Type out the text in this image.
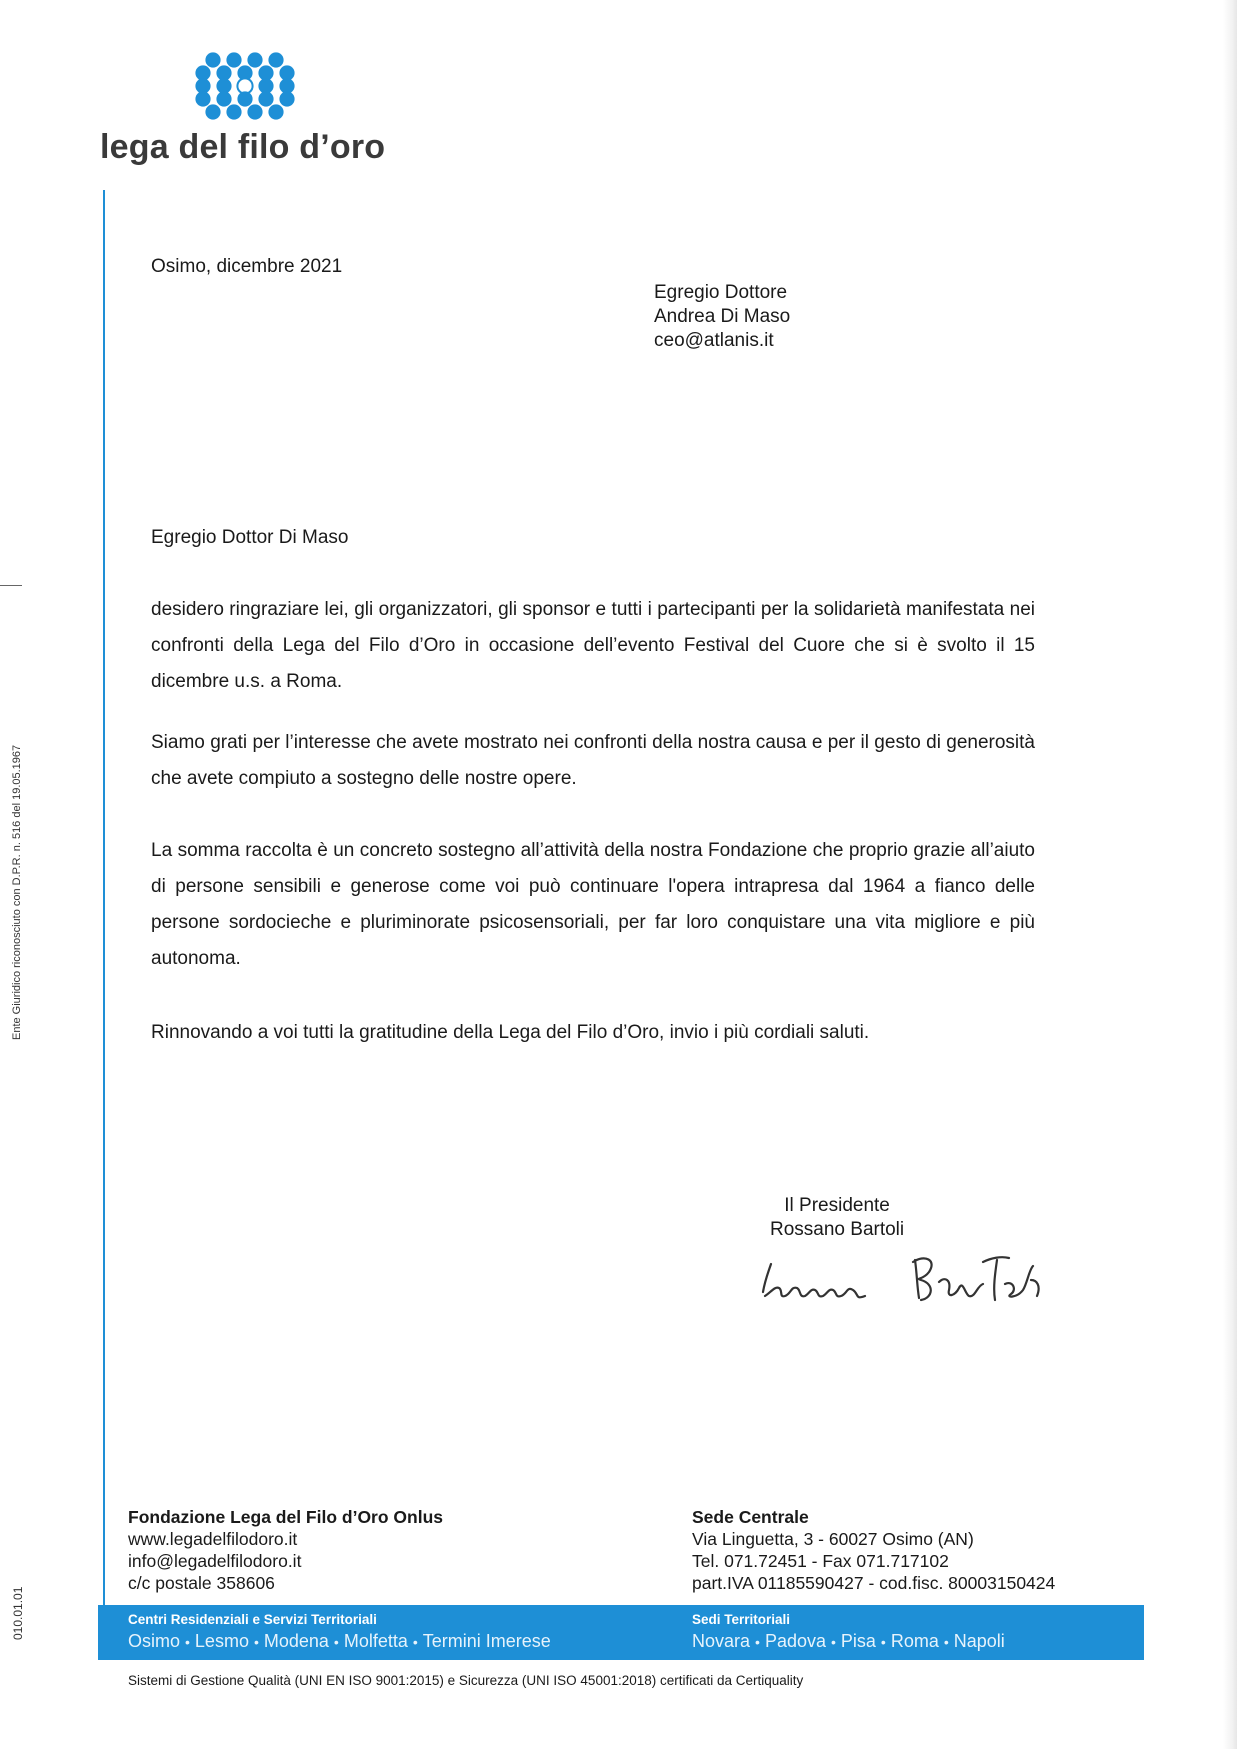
lega del filo d’oro
Ente Giuridico riconosciuto con D.P.R. n. 516 del 19.05.1967
010.01.01
Osimo, dicembre 2021
Egregio Dottore
Andrea Di Maso
ceo@atlanis.it
Egregio Dottor Di Maso
desidero ringraziare lei, gli organizzatori, gli sponsor e tutti i partecipanti per la solidarietà manifestata nei confronti della Lega del Filo d’Oro in occasione dell’evento Festival del Cuore che si è svolto il 15 dicembre u.s. a Roma.
Siamo grati per l’interesse che avete mostrato nei confronti della nostra causa e per il gesto di generosità che avete compiuto a sostegno delle nostre opere.
La somma raccolta è un concreto sostegno all’attività della nostra Fondazione che proprio grazie all’aiuto di persone sensibili e generose come voi può continuare l'opera intrapresa dal 1964 a fianco delle persone sordocieche e pluriminorate psicosensoriali, per far loro conquistare una vita migliore e più autonoma.
Rinnovando a voi tutti la gratitudine della Lega del Filo d’Oro, invio i più cordiali saluti.
Il Presidente
Rossano Bartoli
Fondazione Lega del Filo d’Oro Onlus
www.legadelfilodoro.it
info@legadelfilodoro.it
c/c postale 358606
Sede Centrale
Via Linguetta, 3 - 60027 Osimo (AN)
Tel. 071.72451 - Fax 071.717102
part.IVA 01185590427 - cod.fisc. 80003150424
Centri Residenziali e Servizi Territoriali
Osimo • Lesmo • Modena • Molfetta • Termini Imerese
Sedi Territoriali
Novara • Padova • Pisa • Roma • Napoli
Sistemi di Gestione Qualità (UNI EN ISO 9001:2015) e Sicurezza (UNI ISO 45001:2018) certificati da Certiquality
